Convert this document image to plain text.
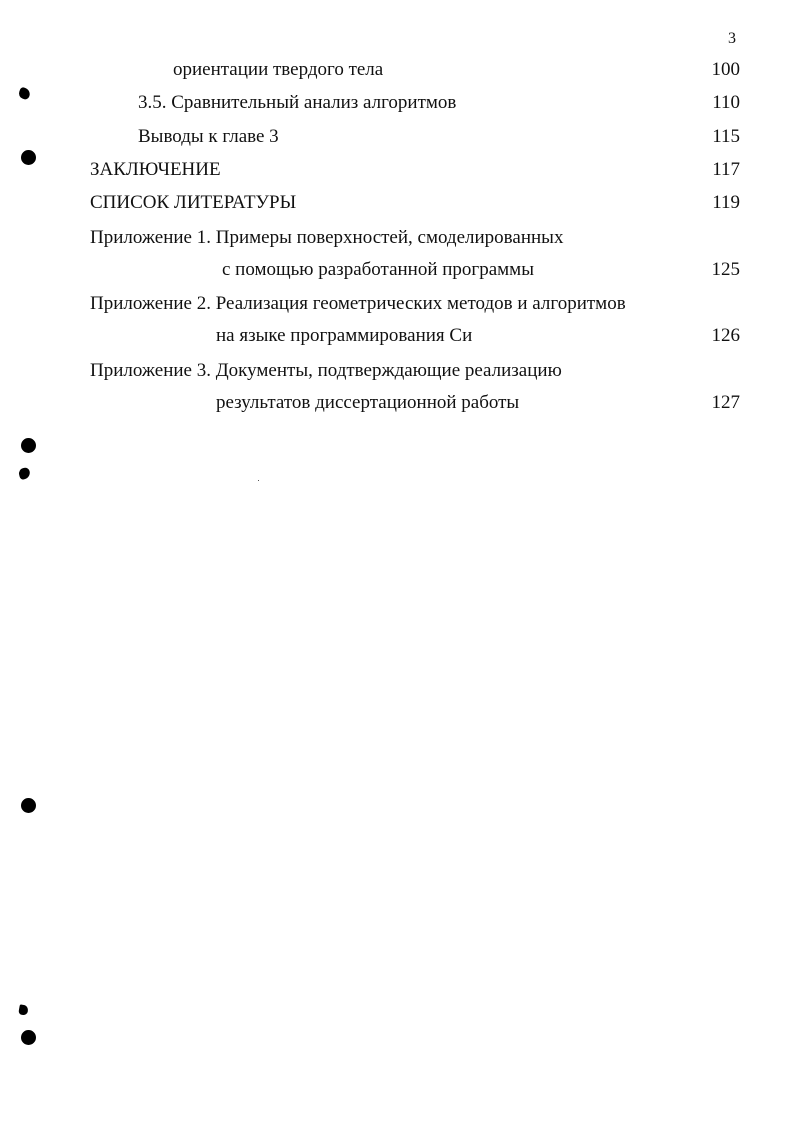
3
ориентации твердого тела	100
3.5. Сравнительный анализ алгоритмов	110
Выводы к главе 3	115
ЗАКЛЮЧЕНИЕ	117
СПИСОК ЛИТЕРАТУРЫ	119
Приложение 1. Примеры поверхностей, смоделированных
с помощью разработанной программы	125
Приложение 2. Реализация геометрических методов и алгоритмов
на языке программирования Си	126
Приложение 3. Документы, подтверждающие реализацию
результатов диссертационной работы	127
